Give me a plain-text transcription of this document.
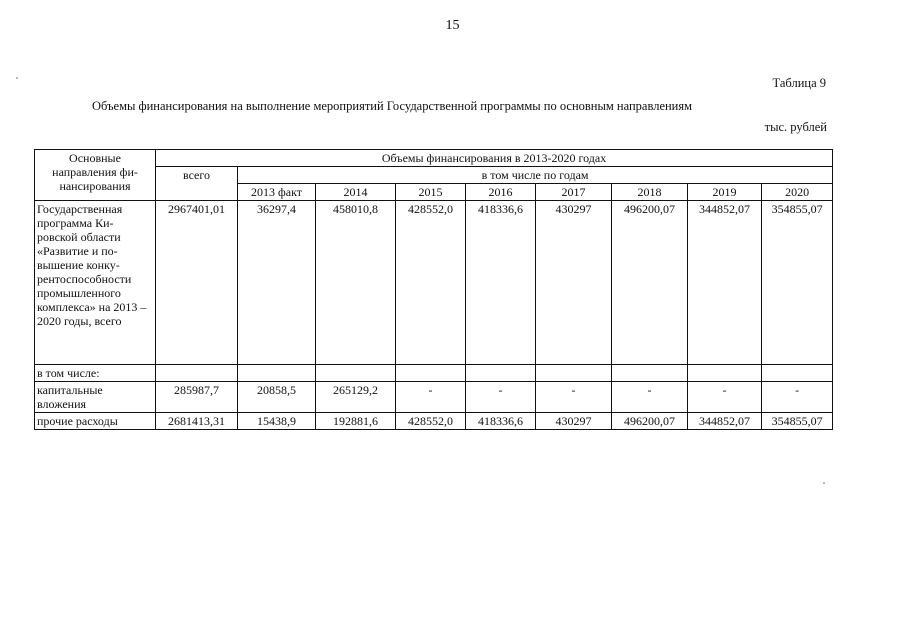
15
Таблица 9
Объемы финансирования на выполнение мероприятий Государственной программы по основным направлениям
тыс. рублей
Основные направления фи-нансирования	Объемы финансирования в 2013-2020 годах								
	всего	в том числе по годам							
		2013 факт	2014	2015	2016	2017	2018	2019	2020
Государственная программа Ки-ровской области «Развитие и по-вышение конку-рентоспособности промышленного комплекса» на 2013 – 2020 годы, всего	2967401,01	36297,4	458010,8	428552,0	418336,6	430297	496200,07	344852,07	354855,07
в том числе:									
капитальные вложения	285987,7	20858,5	265129,2	-	-	-	-	-	-
прочие расходы	2681413,31	15438,9	192881,6	428552,0	418336,6	430297	496200,07	344852,07	354855,07
